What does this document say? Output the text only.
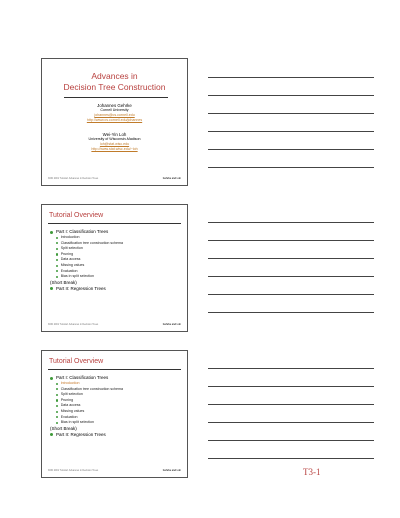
Advances in
Decision Tree Construction
Johannes Gehrke
Cornell University
johannes@cs.cornell.edu
http://www.cs.cornell.edu/johannes
Wei-Yin Loh
University of Wisconsin-Madison
loh@stat.wisc.edu
http://www.stat.wisc.edu/~loh
KDD 2001 Tutorial: Advances in Decision Trees	Gehrke and Loh
Tutorial Overview
Part I: Classification Trees
Introduction
Classification tree construction schema
Split selection
Pruning
Data access
Missing values
Evaluation
Bias in split selection
(Short Break)
Part II: Regression Trees
KDD 2001 Tutorial: Advances in Decision Trees	Gehrke and Loh
Tutorial Overview
Part I: Classification Trees
Introduction
Classification tree construction schema
Split selection
Pruning
Data access
Missing values
Evaluation
Bias in split selection
(Short Break)
Part II: Regression Trees
KDD 2001 Tutorial: Advances in Decision Trees	Gehrke and Loh	T3-1
